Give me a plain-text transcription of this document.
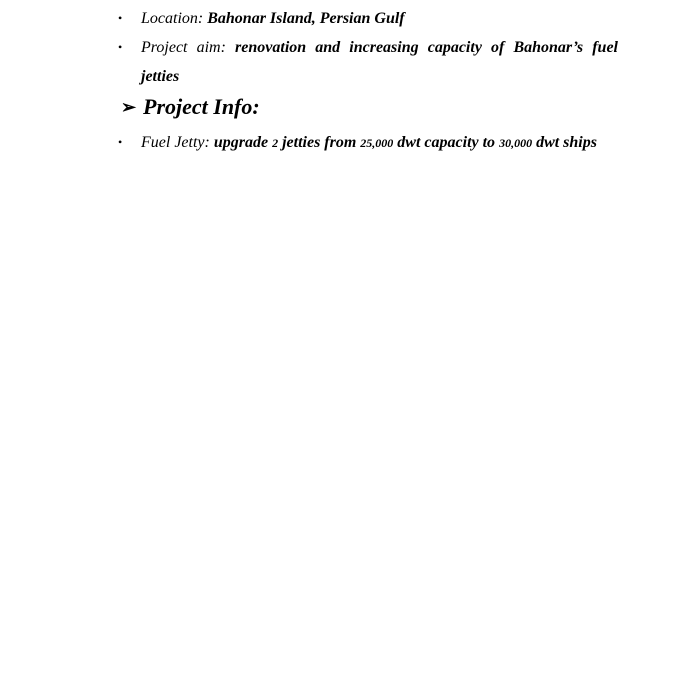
•	Location: Bahonar Island, Persian Gulf
•	Project aim: renovation and increasing capacity of Bahonar’s fuel jetties
➢ Project Info:
•	Fuel Jetty: upgrade 2 jetties from 25,000 dwt capacity to 30,000 dwt ships
